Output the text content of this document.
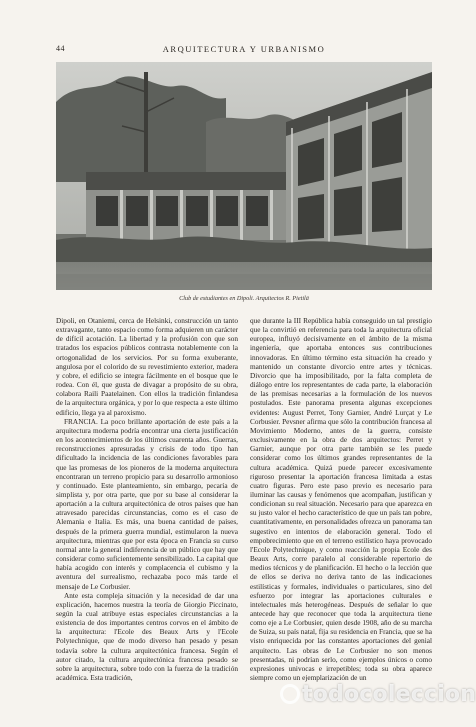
44	ARQUITECTURA Y URBANISMO
Club de estudiantes en Dipoli. Arquitectos R. Pietilä

Dipoli, en Otaniemi, cerca de Helsinki, construcción un tanto extravagante, tanto espacio como forma adquieren un carácter de difícil acotación. La libertad y la profusión con que son tratados los espacios públicos contrasta notablemente con la ortogonalidad de los servicios. Por su forma exuberante, angulosa por el colorido de su revestimiento exterior, madera y cobre, el edificio se integra fácilmente en el bosque que le rodea. Con él, que gusta de divagar a propósito de su obra, colabora Raili Paatelainen. Con ellos la tradición finlandesa de la arquitectura orgánica, y por lo que respecta a este último edificio, llega ya al paroxismo.

FRANCIA. La poco brillante aportación de este país a la arquitectura moderna podría encontrar una cierta justificación en los acontecimientos de los últimos cuarenta años. Guerras, reconstrucciones apresuradas y crisis de todo tipo han dificultado la incidencia de las condiciones favorables para que las promesas de los pioneros de la moderna arquitectura encontraran un terreno propicio para su desarrollo armonioso y continuado. Este planteamiento, sin embargo, pecaría de simplista y, por otra parte, que por su base al considerar la aportación a la cultura arquitectónica de otros países que han atravesado parecidas circunstancias, como es el caso de Alemania e Italia. Es más, una buena cantidad de países, después de la primera guerra mundial, estimularon la nueva arquitectura, mientras que por esta época en Francia su curso normal ante la general indiferencia de un público que hay que considerar como suficientemente sensibilizado. La capital que había acogido con interés y complacencia el cubismo y la aventura del surrealismo, rechazaba poco más tarde el mensaje de Le Corbusier.

Ante esta compleja situación y la necesidad de dar una explicación, hacemos nuestra la teoría de Giorgio Piccinato, según la cual atribuye estas especiales circunstancias a la existencia de dos importantes centros corvos en el ámbito de la arquitectura: l'Ecole des Beaux Arts y l'Ecole Polytechnique, que de modo diverso han pesado y pesan todavía sobre la cultura arquitectónica francesa. Según el autor citado, la cultura arquitectónica francesa pesado se sobre la arquitectura, sobre todo con la fuerza de la tradición académica. Esta tradición,

que durante la III República había conseguido un tal prestigio que la convirtió en referencia para toda la arquitectura oficial europea, influyó decisivamente en el ámbito de la misma ingeniería, que aportaba entonces sus contribuciones innovadoras. En último término esta situación ha creado y mantenido un constante divorcio entre artes y técnicas. Divorcio que ha imposibilitado, por la falta completa de diálogo entre los representantes de cada parte, la elaboración de las premisas necesarias a la formulación de los nuevos postulados. Este panorama presenta algunas excepciones evidentes: August Perret, Tony Garnier, André Lurçat y Le Corbusier. Pevsner afirma que sólo la contribución francesa al Movimiento Moderno, antes de la guerra, consiste exclusivamente en la obra de dos arquitectos: Perret y Garnier, aunque por otra parte también se les puede considerar como los últimos grandes representantes de la cultura académica. Quizá puede parecer excesivamente riguroso presentar la aportación francesa limitada a estas cuatro figuras. Pero este paso previo es necesario para iluminar las causas y fenómenos que acompañan, justifican y condicionan su real situación. Necesario para que aparezca en su justo valor el hecho característico de que un país tan pobre, cuantitativamente, en personalidades ofrezca un panorama tan sugestivo en intentos de elaboración general. Todo el empobrecimiento que en el terreno estilístico haya provocado l'Ecole Polytechnique, y como reacción la propia Ecole des Beaux Arts, corre paralelo al considerable repertorio de medios técnicos y de planificación. El hecho o la lección que de ellos se deriva no deriva tanto de las indicaciones estilísticas y formales, individuales o particulares, sino del esfuerzo por integrar las aportaciones culturales e intelectuales más heterogéneas. Después de señalar lo que antecede hay que reconocer que toda la arquitectura tiene como eje a Le Corbusier, quien desde 1908, año de su marcha de Suiza, su país natal, fija su residencia en Francia, que se ha visto enriquecida por las constantes aportaciones del genial arquitecto. Las obras de Le Corbusier no son menos presentadas, ni podrían serlo, como ejemplos únicos o como expresiones univocas e irrepetibles; toda su obra aparece siempre como un ejemplarización de un

todocoleccion
